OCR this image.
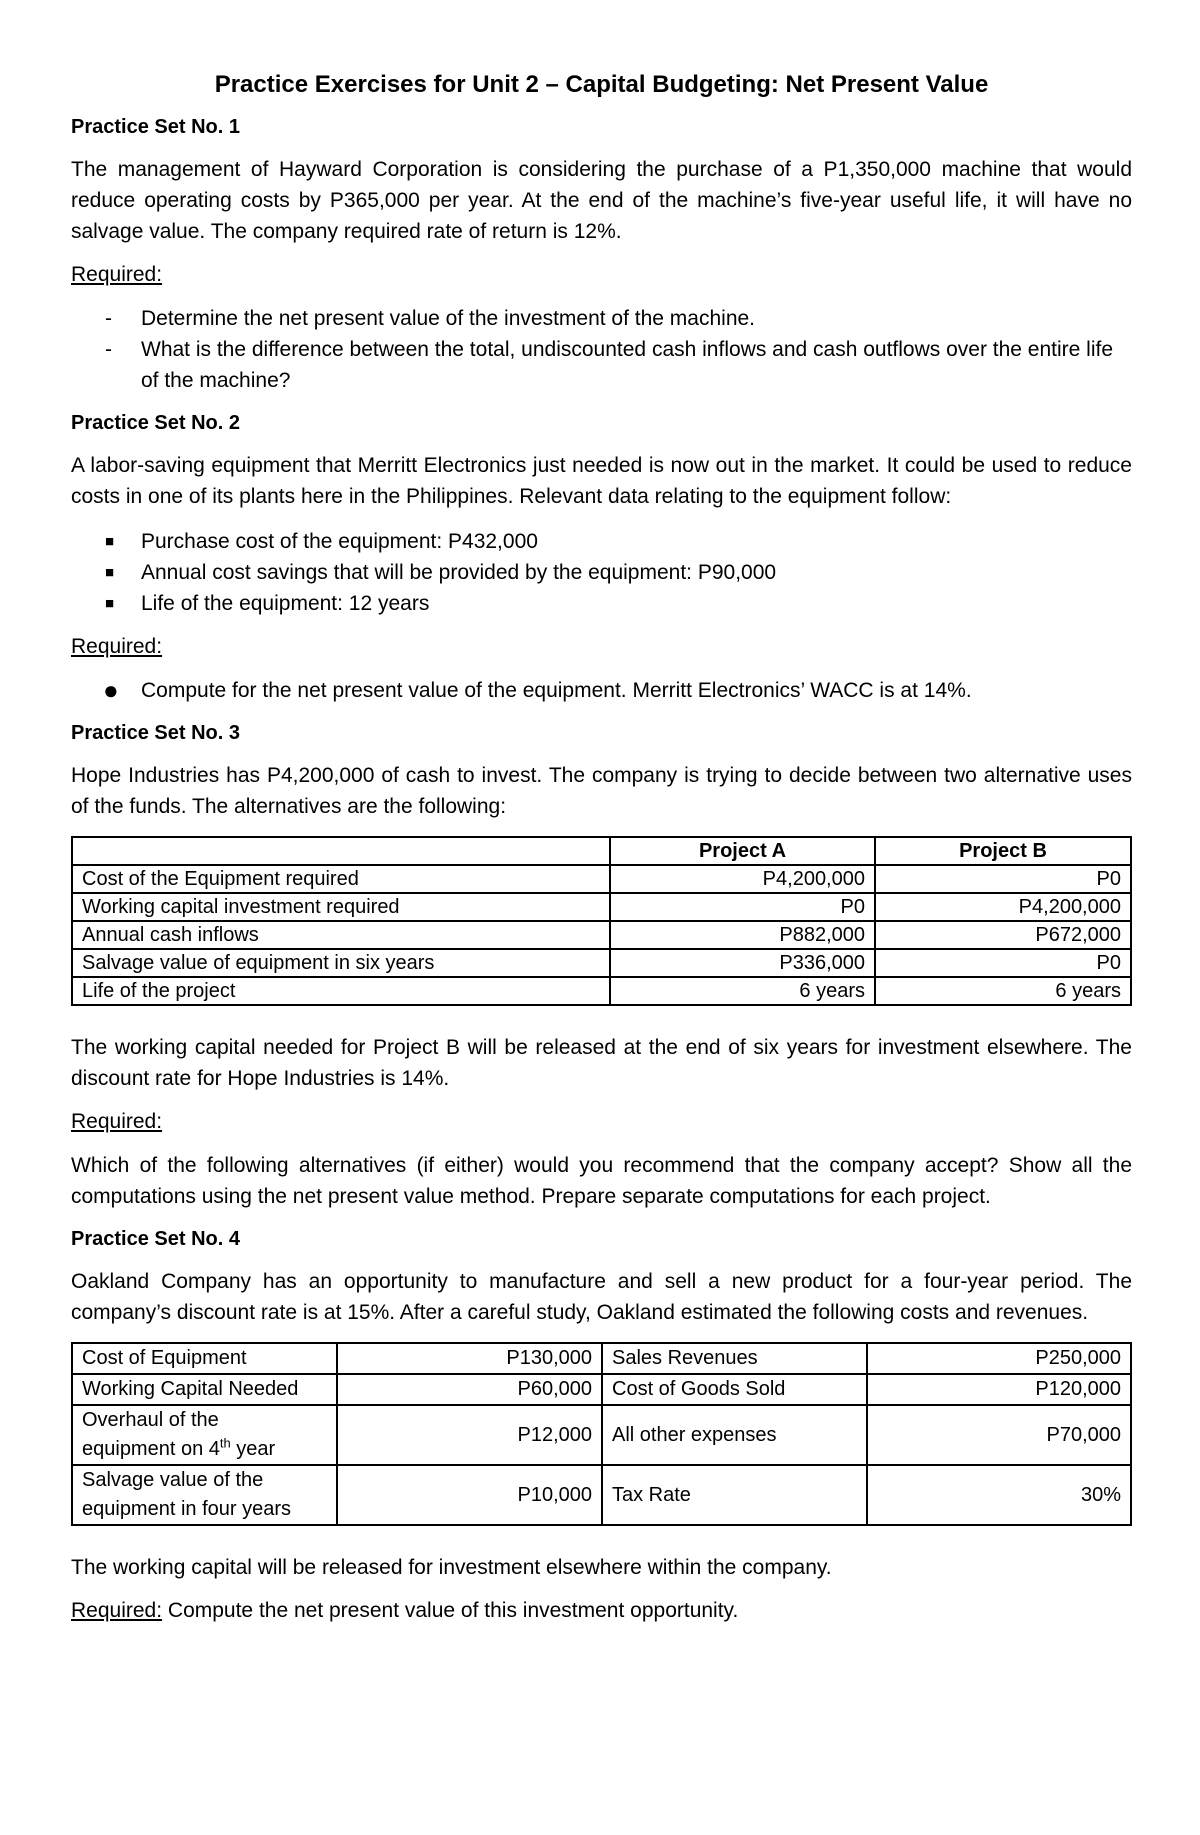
Practice Exercises for Unit 2 – Capital Budgeting: Net Present Value
Practice Set No. 1
The management of Hayward Corporation is considering the purchase of a P1,350,000 machine that would reduce operating costs by P365,000 per year. At the end of the machine’s five-year useful life, it will have no salvage value. The company required rate of return is 12%.
Required:
- Determine the net present value of the investment of the machine.
- What is the difference between the total, undiscounted cash inflows and cash outflows over the entire life of the machine?
Practice Set No. 2
A labor-saving equipment that Merritt Electronics just needed is now out in the market. It could be used to reduce costs in one of its plants here in the Philippines. Relevant data relating to the equipment follow:
■ Purchase cost of the equipment: P432,000
■ Annual cost savings that will be provided by the equipment: P90,000
■ Life of the equipment: 12 years
Required:
● Compute for the net present value of the equipment. Merritt Electronics’ WACC is at 14%.
Practice Set No. 3
Hope Industries has P4,200,000 of cash to invest. The company is trying to decide between two alternative uses of the funds. The alternatives are the following:
	Project A	Project B
Cost of the Equipment required	P4,200,000	P0
Working capital investment required	P0	P4,200,000
Annual cash inflows	P882,000	P672,000
Salvage value of equipment in six years	P336,000	P0
Life of the project	6 years	6 years
The working capital needed for Project B will be released at the end of six years for investment elsewhere. The discount rate for Hope Industries is 14%.
Required:
Which of the following alternatives (if either) would you recommend that the company accept? Show all the computations using the net present value method. Prepare separate computations for each project.
Practice Set No. 4
Oakland Company has an opportunity to manufacture and sell a new product for a four-year period. The company’s discount rate is at 15%. After a careful study, Oakland estimated the following costs and revenues.
Cost of Equipment	P130,000	Sales Revenues	P250,000
Working Capital Needed	P60,000	Cost of Goods Sold	P120,000
Overhaul of the
equipment on 4th year	P12,000	All other expenses	P70,000
Salvage value of the
equipment in four years	P10,000	Tax Rate	30%
The working capital will be released for investment elsewhere within the company.
Required: Compute the net present value of this investment opportunity.
